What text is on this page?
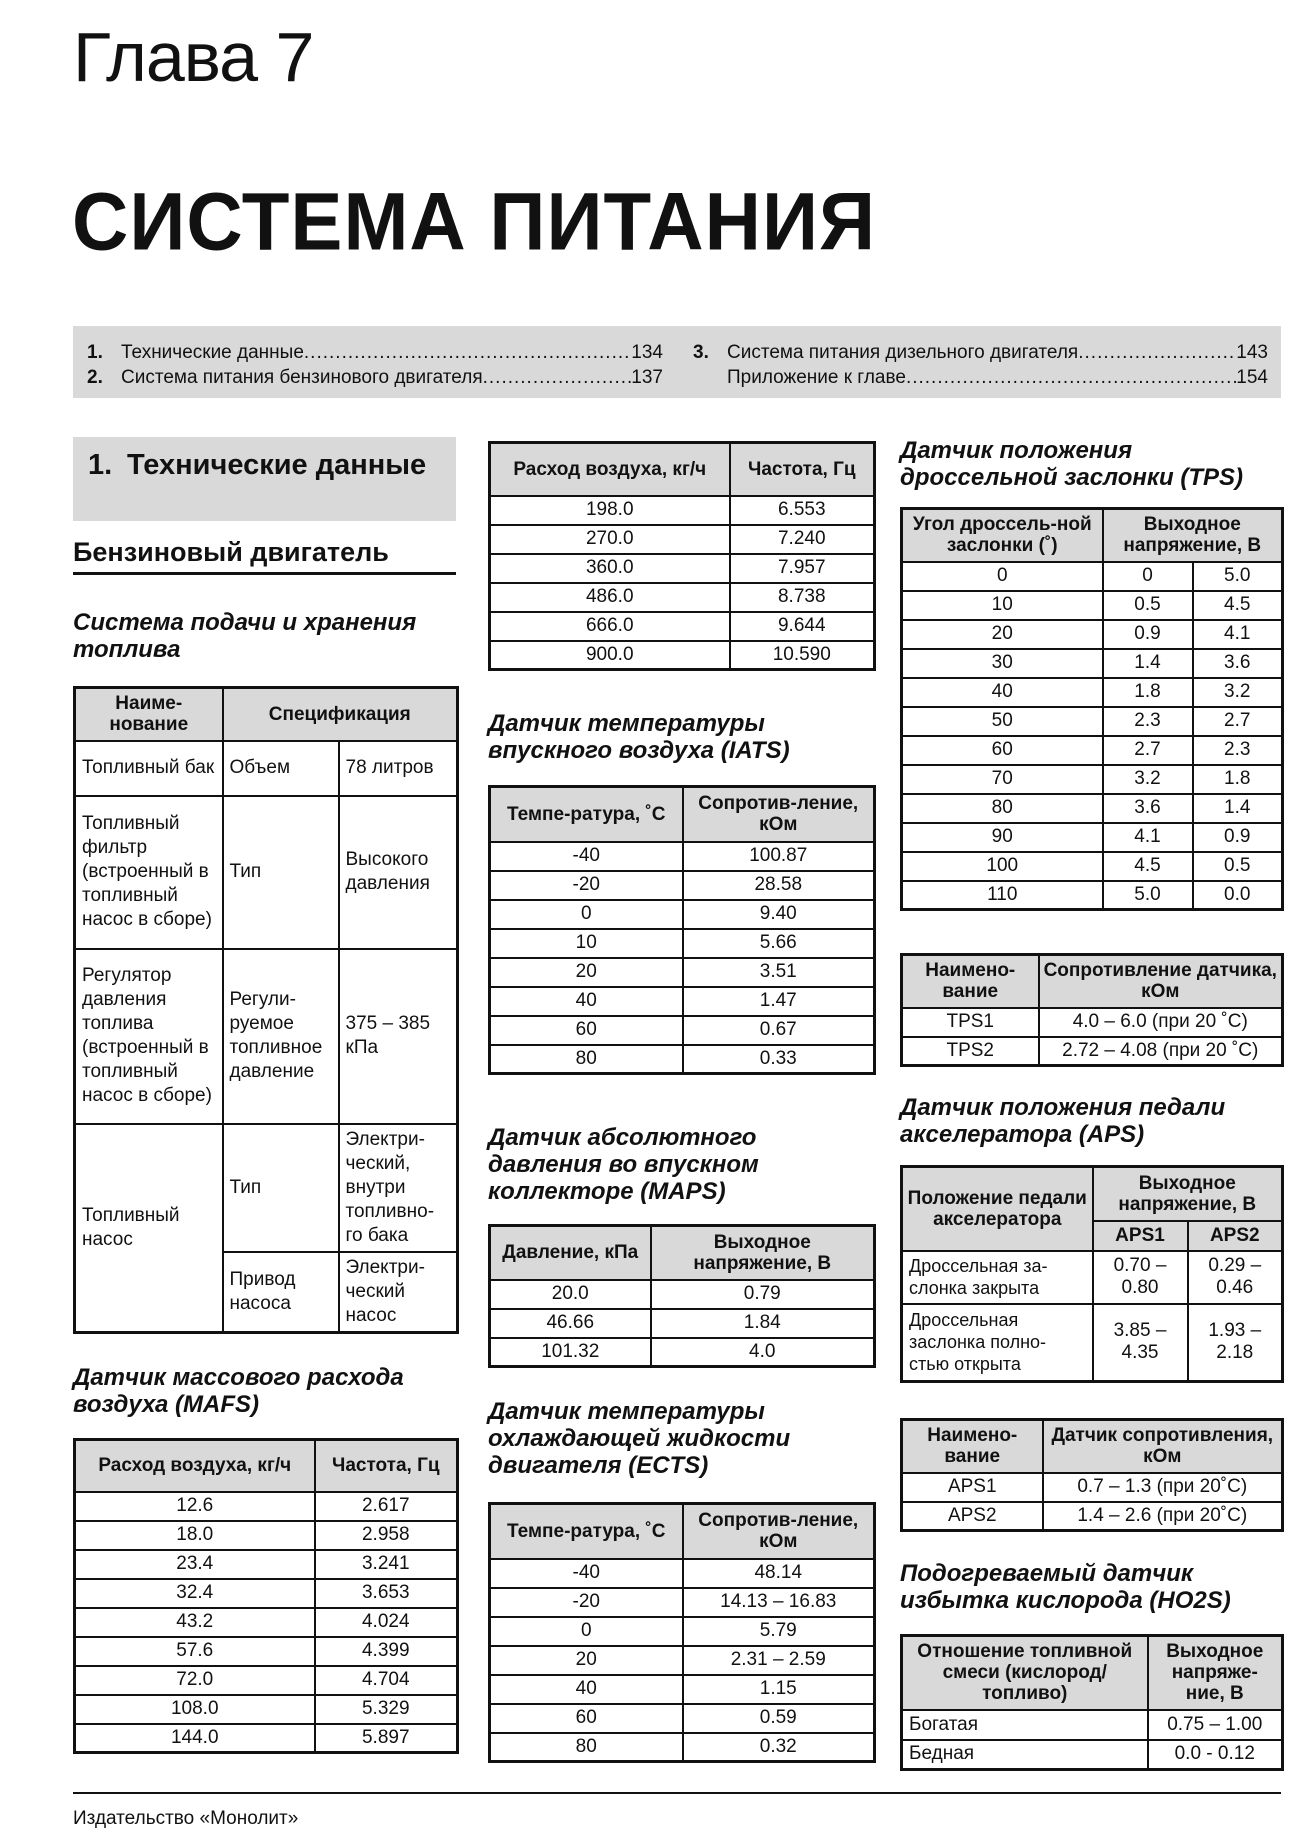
Глава 7
СИСТЕМА ПИТАНИЯ
1. Технические данные .....	134
2. Система питания бензинового двигателя .....	137
3. Система питания дизельного двигателя .....	143
Приложение к главе .....	154
1. Технические данные
Бензиновый двигатель
Система подачи и хранения топлива
Наиме-нование	Спецификация	
Топливный бак	Объем	78 литров
Топливный фильтр (встроенный в топливный насос в сборе)	Тип	Высокого давления
Регулятор давления топлива (встроенный в топливный насос в сборе)	Регули-руемое топливное давление	375 – 385 кПа
Топливный насос	Тип	Электри-ческий, внутри топливно-го бака
	Привод насоса	Электри-ческий насос
Датчик массового расхода воздуха (MAFS)
Расход воздуха, кг/ч	Частота, Гц
12.6	2.617
18.0	2.958
23.4	3.241
32.4	3.653
43.2	4.024
57.6	4.399
72.0	4.704
108.0	5.329
144.0	5.897
Расход воздуха, кг/ч	Частота, Гц
198.0	6.553
270.0	7.240
360.0	7.957
486.0	8.738
666.0	9.644
900.0	10.590
Датчик температуры впускного воздуха (IATS)
Темпе-ратура, ˚C	Сопротив-ление, кОм
-40	100.87
-20	28.58
0	9.40
10	5.66
20	3.51
40	1.47
60	0.67
80	0.33
Датчик абсолютного давления во впускном коллекторе (MAPS)
Давление, кПа	Выходное напряжение, В
20.0	0.79
46.66	1.84
101.32	4.0
Датчик температуры охлаждающей жидкости двигателя (ECTS)
Темпе-ратура, ˚C	Сопротив-ление, кОм
-40	48.14
-20	14.13 – 16.83
0	5.79
20	2.31 – 2.59
40	1.15
60	0.59
80	0.32
Датчик положения дроссельной заслонки (TPS)
Угол дроссель-ной заслонки (˚)	Выходное напряжение, В	
0	0	5.0
10	0.5	4.5
20	0.9	4.1
30	1.4	3.6
40	1.8	3.2
50	2.3	2.7
60	2.7	2.3
70	3.2	1.8
80	3.6	1.4
90	4.1	0.9
100	4.5	0.5
110	5.0	0.0
Наимено-вание	Сопротивление датчика, кОм
TPS1	4.0 – 6.0 (при 20 ˚C)
TPS2	2.72 – 4.08 (при 20 ˚C)
Датчик положения педали акселератора (APS)
Положение педали акселератора	Выходное напряжение, В	
	APS1	APS2
Дроссельная за-слонка закрыта	0.70 – 0.80	0.29 – 0.46
Дроссельная заслонка полно-стью открыта	3.85 – 4.35	1.93 – 2.18
Наимено-вание	Датчик сопротивления, кОм
APS1	0.7 – 1.3 (при 20˚C)
APS2	1.4 – 2.6 (при 20˚C)
Подогреваемый датчик избытка кислорода (HO2S)
Отношение топливной смеси (кислород/топливо)	Выходное напряже-ние, В
Богатая	0.75 – 1.00
Бедная	0.0 - 0.12
Издательство «Монолит»
